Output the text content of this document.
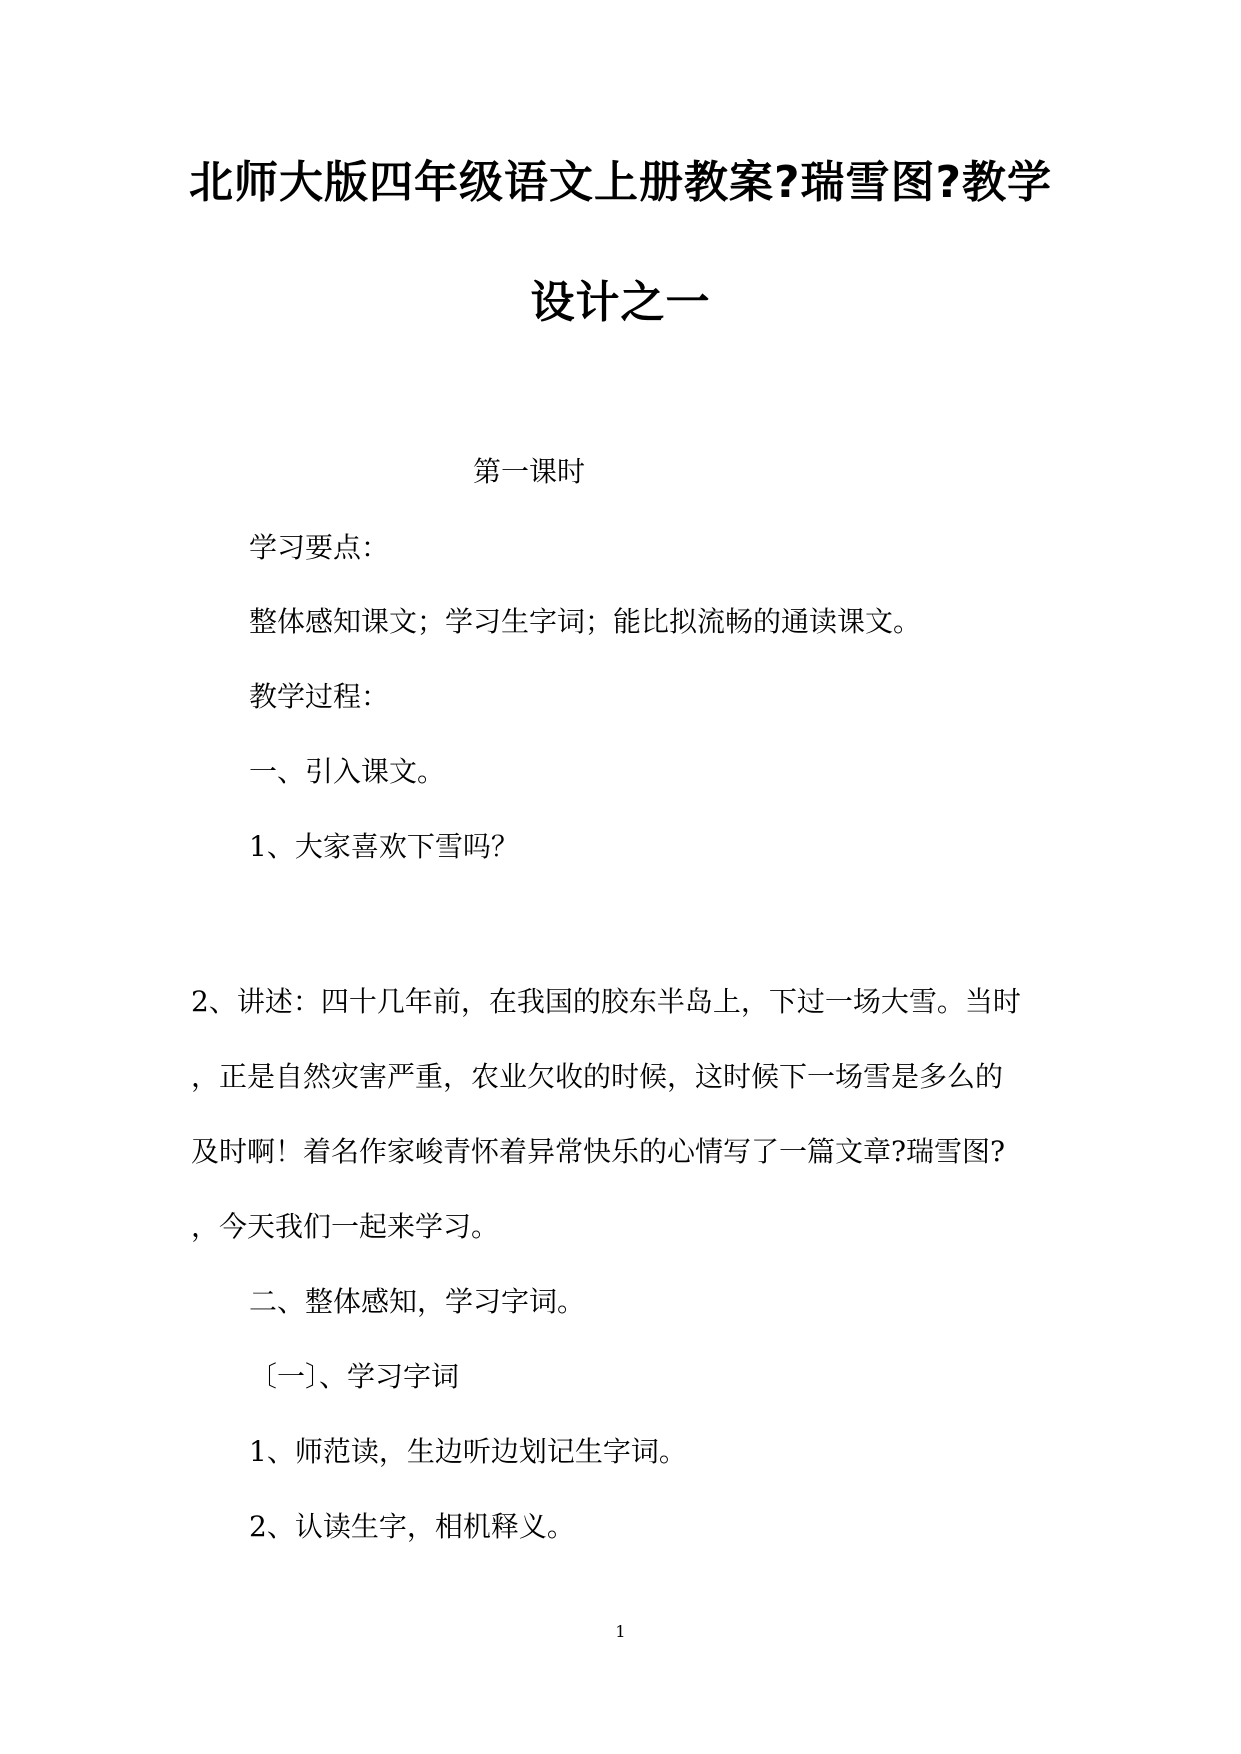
北师大版四年级语文上册教案?瑞雪图?教学
设计之一
第一课时
学习要点：
整体感知课文；学习生字词；能比拟流畅的通读课文。
教学过程：
一、引入课文。
1、大家喜欢下雪吗？
2、讲述：四十几年前，在我国的胶东半岛上，下过一场大雪。当时
，正是自然灾害严重，农业欠收的时候，这时候下一场雪是多么的
及时啊！着名作家峻青怀着异常快乐的心情写了一篇文章?瑞雪图?
，今天我们一起来学习。
二、整体感知，学习字词。
〔一〕、学习字词
1、师范读，生边听边划记生字词。
2、认读生字，相机释义。
1
